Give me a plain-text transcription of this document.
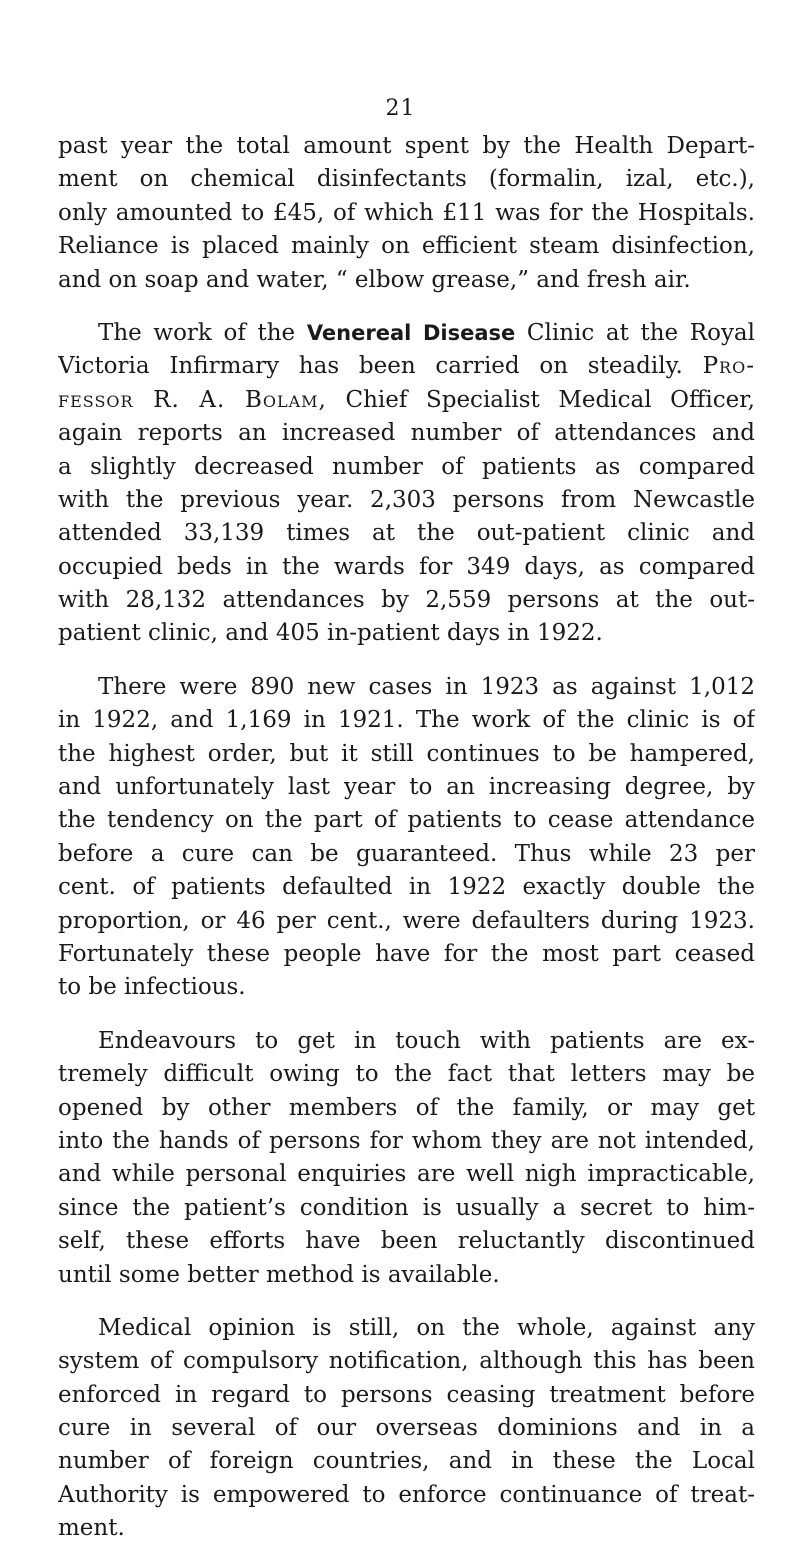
21
past year the total amount spent by the Health Depart-
ment on chemical disinfectants (formalin, izal, etc.),
only amounted to £45, of which £11 was for the Hospitals.
Reliance is placed mainly on efficient steam disinfection,
and on soap and water, “ elbow grease,” and fresh air.
The work of the Venereal Disease Clinic at the Royal
Victoria Infirmary has been carried on steadily. Pro-
fessor R. A. Bolam, Chief Specialist Medical Officer,
again reports an increased number of attendances and
a slightly decreased number of patients as compared
with the previous year. 2,303 persons from Newcastle
attended 33,139 times at the out-patient clinic and
occupied beds in the wards for 349 days, as compared
with 28,132 attendances by 2,559 persons at the out-
patient clinic, and 405 in-patient days in 1922.
There were 890 new cases in 1923 as against 1,012
in 1922, and 1,169 in 1921. The work of the clinic is of
the highest order, but it still continues to be hampered,
and unfortunately last year to an increasing degree, by
the tendency on the part of patients to cease attendance
before a cure can be guaranteed. Thus while 23 per
cent. of patients defaulted in 1922 exactly double the
proportion, or 46 per cent., were defaulters during 1923.
Fortunately these people have for the most part ceased
to be infectious.
Endeavours to get in touch with patients are ex-
tremely difficult owing to the fact that letters may be
opened by other members of the family, or may get
into the hands of persons for whom they are not intended,
and while personal enquiries are well nigh impracticable,
since the patient’s condition is usually a secret to him-
self, these efforts have been reluctantly discontinued
until some better method is available.
Medical opinion is still, on the whole, against any
system of compulsory notification, although this has been
enforced in regard to persons ceasing treatment before
cure in several of our overseas dominions and in a
number of foreign countries, and in these the Local
Authority is empowered to enforce continuance of treat-
ment.
